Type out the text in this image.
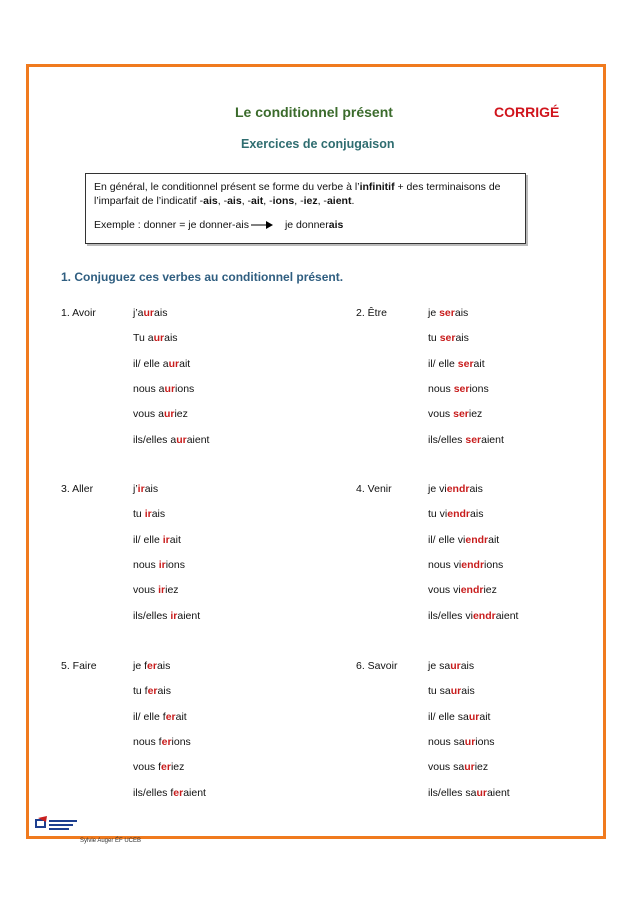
Le conditionnel présent	CORRIGÉ
Exercices de conjugaison
En général, le conditionnel présent se forme du verbe à l’infinitif + des terminaisons de
l’imparfait de l’indicatif -ais, -ais, -ait, -ions, -iez, -aient.
Exemple : donner = je donner-ais	je donnerais
1. Conjuguez ces verbes au conditionnel présent.
1. Avoir	j’aurais
Tu aurais
il/ elle aurait
nous aurions
vous auriez
ils/elles auraient
2. Être	je serais
tu serais
il/ elle serait
nous serions
vous seriez
ils/elles seraient
3. Aller	j’irais
tu irais
il/ elle irait
nous irions
vous iriez
ils/elles iraient
4. Venir	je viendrais
tu viendrais
il/ elle viendrait
nous viendrions
vous viendriez
ils/elles viendraient
5. Faire	je ferais
tu ferais
il/ elle ferait
nous ferions
vous feriez
ils/elles feraient
6. Savoir	je saurais
tu saurais
il/ elle saurait
nous saurions
vous sauriez
ils/elles sauraient
Sylvie Auger ÉF UCEB
